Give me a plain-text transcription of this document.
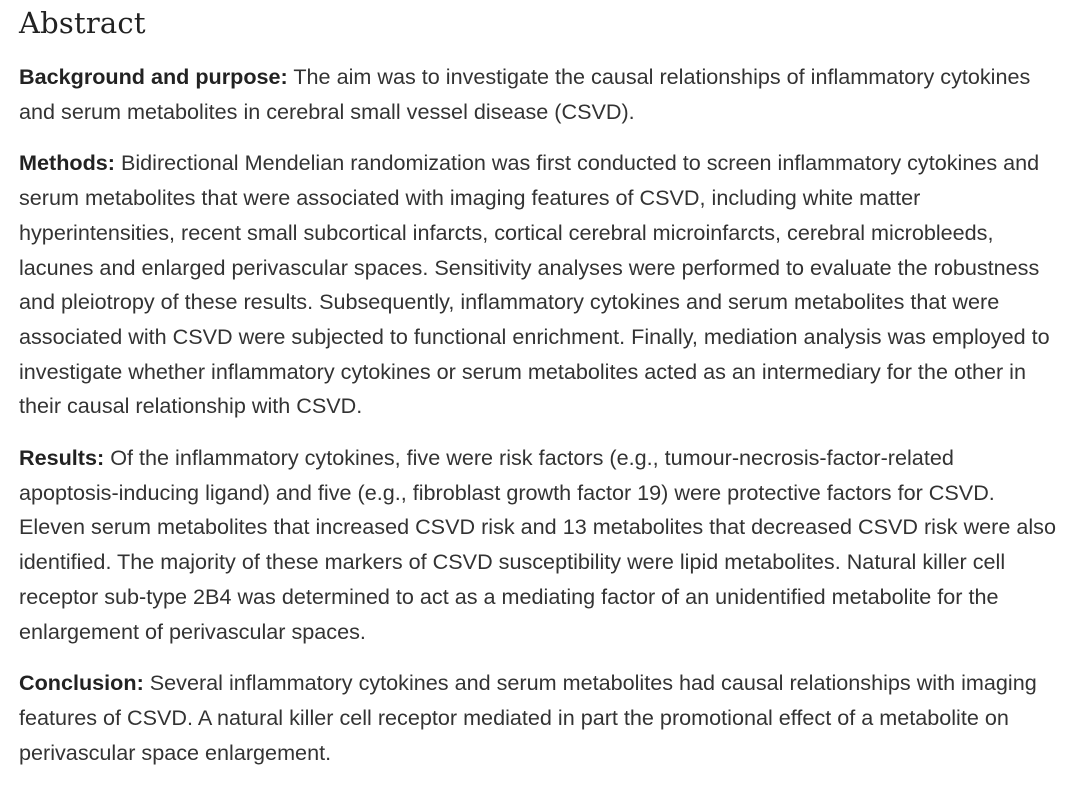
Abstract

Background and purpose: The aim was to investigate the causal relationships of inflammatory cytokines and serum metabolites in cerebral small vessel disease (CSVD).

Methods: Bidirectional Mendelian randomization was first conducted to screen inflammatory cytokines and serum metabolites that were associated with imaging features of CSVD, including white matter hyperintensities, recent small subcortical infarcts, cortical cerebral microinfarcts, cerebral microbleeds, lacunes and enlarged perivascular spaces. Sensitivity analyses were performed to evaluate the robustness and pleiotropy of these results. Subsequently, inflammatory cytokines and serum metabolites that were associated with CSVD were subjected to functional enrichment. Finally, mediation analysis was employed to investigate whether inflammatory cytokines or serum metabolites acted as an intermediary for the other in their causal relationship with CSVD.

Results: Of the inflammatory cytokines, five were risk factors (e.g., tumour-necrosis-factor-related apoptosis-inducing ligand) and five (e.g., fibroblast growth factor 19) were protective factors for CSVD. Eleven serum metabolites that increased CSVD risk and 13 metabolites that decreased CSVD risk were also identified. The majority of these markers of CSVD susceptibility were lipid metabolites. Natural killer cell receptor sub-type 2B4 was determined to act as a mediating factor of an unidentified metabolite for the enlargement of perivascular spaces.

Conclusion: Several inflammatory cytokines and serum metabolites had causal relationships with imaging features of CSVD. A natural killer cell receptor mediated in part the promotional effect of a metabolite on perivascular space enlargement.
